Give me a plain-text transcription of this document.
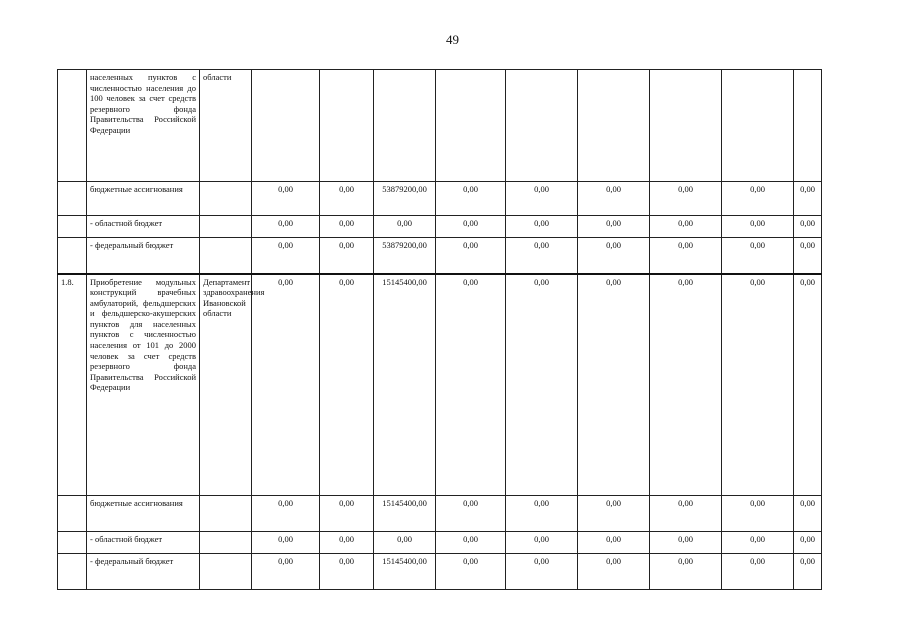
49
	населенных пунктов с численностью населения до 100 человек за счет средств резервного фонда Правительства Российской Федерации	области									
	бюджетные ассигнования		0,00	0,00	53879200,00	0,00	0,00	0,00	0,00	0,00	0,00
	- областной бюджет		0,00	0,00	0,00	0,00	0,00	0,00	0,00	0,00	0,00
	- федеральный бюджет		0,00	0,00	53879200,00	0,00	0,00	0,00	0,00	0,00	0,00
1.8.	Приобретение модульных конструкций врачебных амбулаторий, фельдшерских и фельдшерско-акушерских пунктов для населенных пунктов с численностью населения от 101 до 2000 человек за счет средств резервного фонда Правительства Российской Федерации	Департамент здравоохранения Ивановской области	0,00	0,00	15145400,00	0,00	0,00	0,00	0,00	0,00	0,00
	бюджетные ассигнования		0,00	0,00	15145400,00	0,00	0,00	0,00	0,00	0,00	0,00
	- областной бюджет		0,00	0,00	0,00	0,00	0,00	0,00	0,00	0,00	0,00
	- федеральный бюджет		0,00	0,00	15145400,00	0,00	0,00	0,00	0,00	0,00	0,00
